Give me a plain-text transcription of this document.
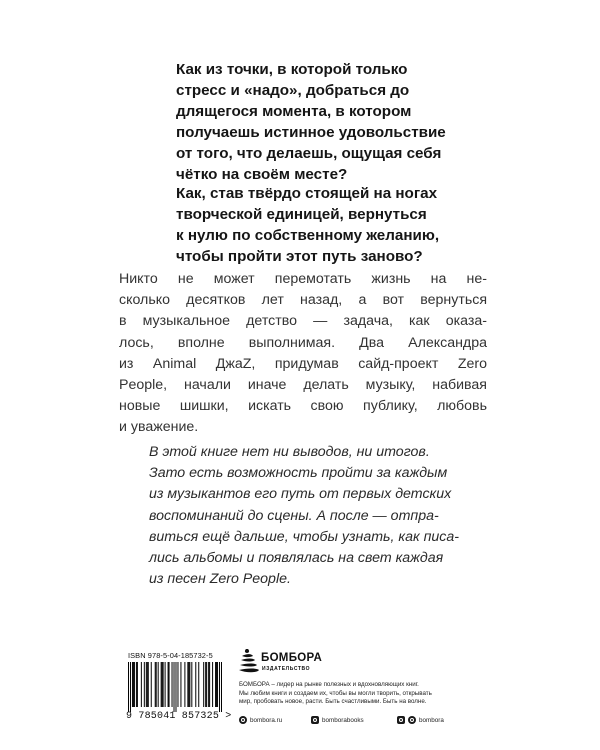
Как из точки, в которой только
стресс и «надо», добраться до
длящегося момента, в котором
получаешь истинное удовольствие
от того, что делаешь, ощущая себя
чётко на своём месте?
Как, став твёрдо стоящей на ногах
творческой единицей, вернуться
к нулю по собственному желанию,
чтобы пройти этот путь заново?
Никто не может перемотать жизнь на не-
сколько десятков лет назад, а вот вернуться
в музыкальное детство — задача, как оказа-
лось, вполне выполнимая. Два Александра
из Animal ДжаZ, придумав сайд-проект Zero
People, начали иначе делать музыку, набивая
новые шишки, искать свою публику, любовь
и уважение.
В этой книге нет ни выводов, ни итогов.
Зато есть возможность пройти за каждым
из музыкантов его путь от первых детских
воспоминаний до сцены. А после — отпра-
виться ещё дальше, чтобы узнать, как писа-
лись альбомы и появлялась на свет каждая
из песен Zero People.
ISBN 978-5-04-185732-5
9 785041 857325 >
БОМБОРА
ИЗДАТЕЛЬСТВО
БОМБОРА – лидер на рынке полезных и вдохновляющих книг.
Мы любим книги и создаем их, чтобы вы могли творить, открывать
мир, пробовать новое, расти. Быть счастливыми. Быть на волне.
bombora.ru	bomborabooks	bombora
